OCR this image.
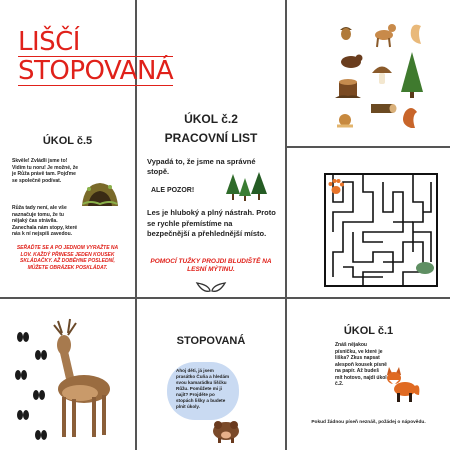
LIŠČÍ
STOPOVANÁ
ÚKOL č.5
Skvěle! Zvládli jsme to! Vidím tu noru! Je možné, že je Růža právě tam. Pojďme se společně podívat.
Růža tady není, ale vše naznačuje tomu, že tu nějaký čas strávila. Zanechala nám stopy, které nás k ní nejspíš zavedou.
SEŘAĎTE SE A PO JEDNOM VYRAŽTE NA LOV. KAŽDÝ PŘINESE JEDEN KOUSEK SKLÁDAČKY. AŽ DOBĚHNE POSLEDNÍ, MŮŽETE OBRÁZEK POSKLÁDAT.
ÚKOL č.2
PRACOVNÍ LIST
Vypadá to, že jsme na správné stopě.
ALE POZOR!
Les je hluboký a plný nástrah. Proto se rychle přemístíme na bezpečnější a přehlednější místo.
POMOCÍ TUŽKY PROJDI BLUDIŠTĚ NA LESNÍ MÝTINU.
STOPOVANÁ
Ahoj děti, já jsem prasátko Čuňa a hledám svou kamarádku liščku Růžu. Pomůžete mi ji najít? Projděte po stopách lišky a budete plnit úkoly.
ÚKOL č.1
Znáš nějakou písničku, ve které je liška? Zkus napsat alespoň kousek písně na papír. Až budeš mít hotovo, najdi úkol č.2.
Pokud žádnou píseň neznáš, požádej o nápovědu.
